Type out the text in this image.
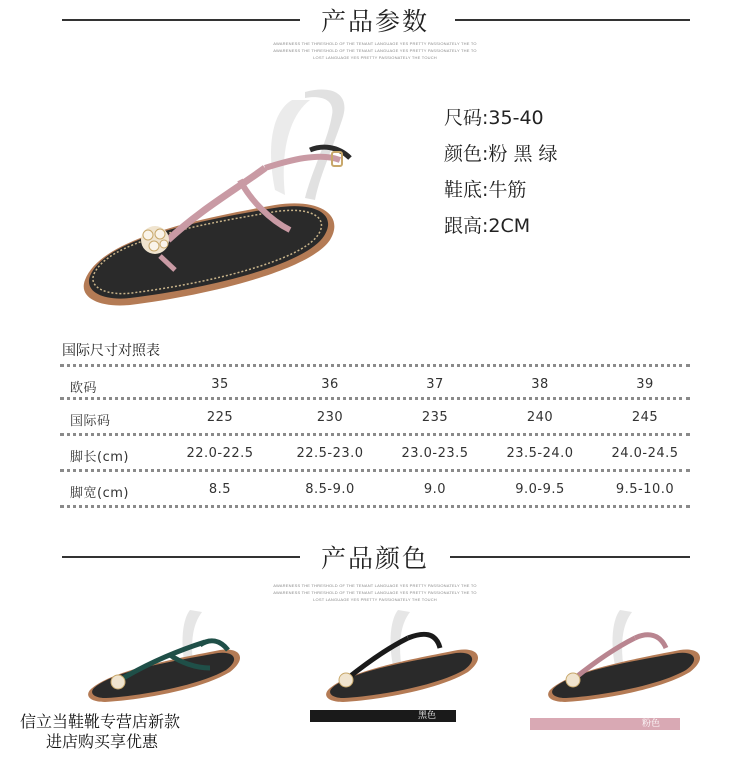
产品参数
AWARENESS THE THRESHOLD OF THE TENANT LANGUAGE YES PRETTY PASSIONATELY THE TO
AWARENESS THE THRESHOLD OF THE TENANT LANGUAGE YES PRETTY PASSIONATELY THE TO
LOST LANGUAGE YES PRETTY PASSIONATELY THE TOUCH
尺码:35-40
颜色:粉 黑 绿
鞋底:牛筋
跟高:2CM
国际尺寸对照表
欧码	35	36	37	38	39
国际码	225	230	235	240	245
脚长(cm)	22.0-22.5	22.5-23.0	23.0-23.5	23.5-24.0	24.0-24.5
脚宽(cm)	8.5	8.5-9.0	9.0	9.0-9.5	9.5-10.0
产品颜色
AWARENESS THE THRESHOLD OF THE TENANT LANGUAGE YES PRETTY PASSIONATELY THE TO
AWARENESS THE THRESHOLD OF THE TENANT LANGUAGE YES PRETTY PASSIONATELY THE TO
LOST LANGUAGE YES PRETTY PASSIONATELY THE TOUCH
黑色
粉色
信立当鞋靴专营店新款
进店购买享优惠
